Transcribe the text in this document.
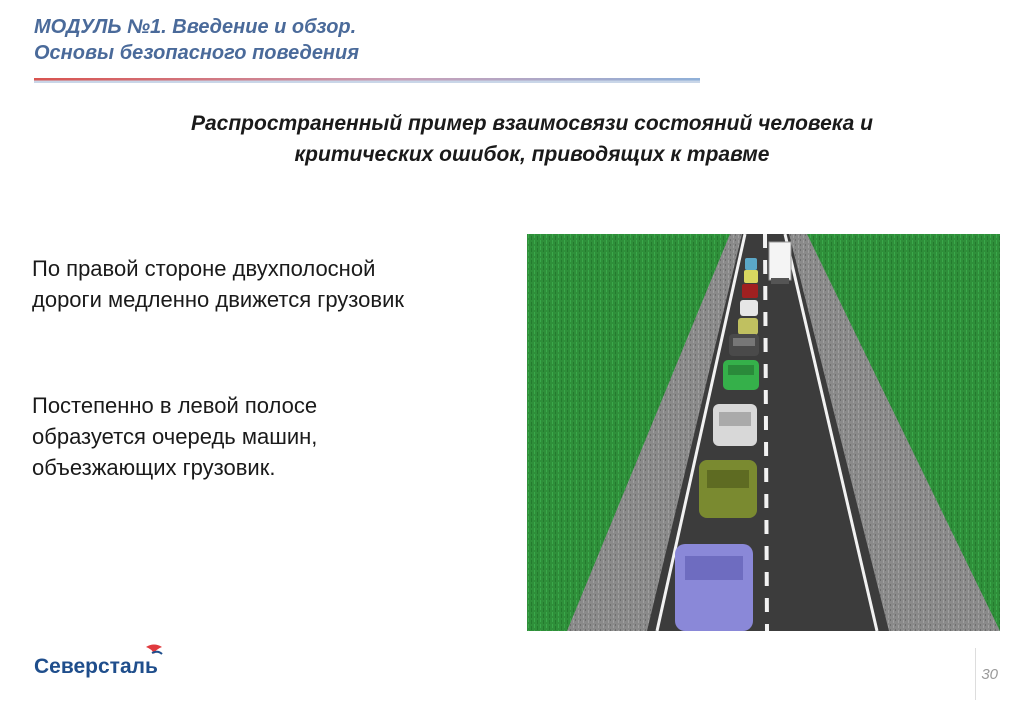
МОДУЛЬ №1. Введение и обзор.
Основы безопасного поведения
Распространенный пример взаимосвязи состояний человека и
критических ошибок, приводящих к травме
По правой стороне двухполосной
дороги медленно движется грузовик
Постепенно в левой полосе
образуется очередь машин,
объезжающих грузовик.
Северсталь	30
